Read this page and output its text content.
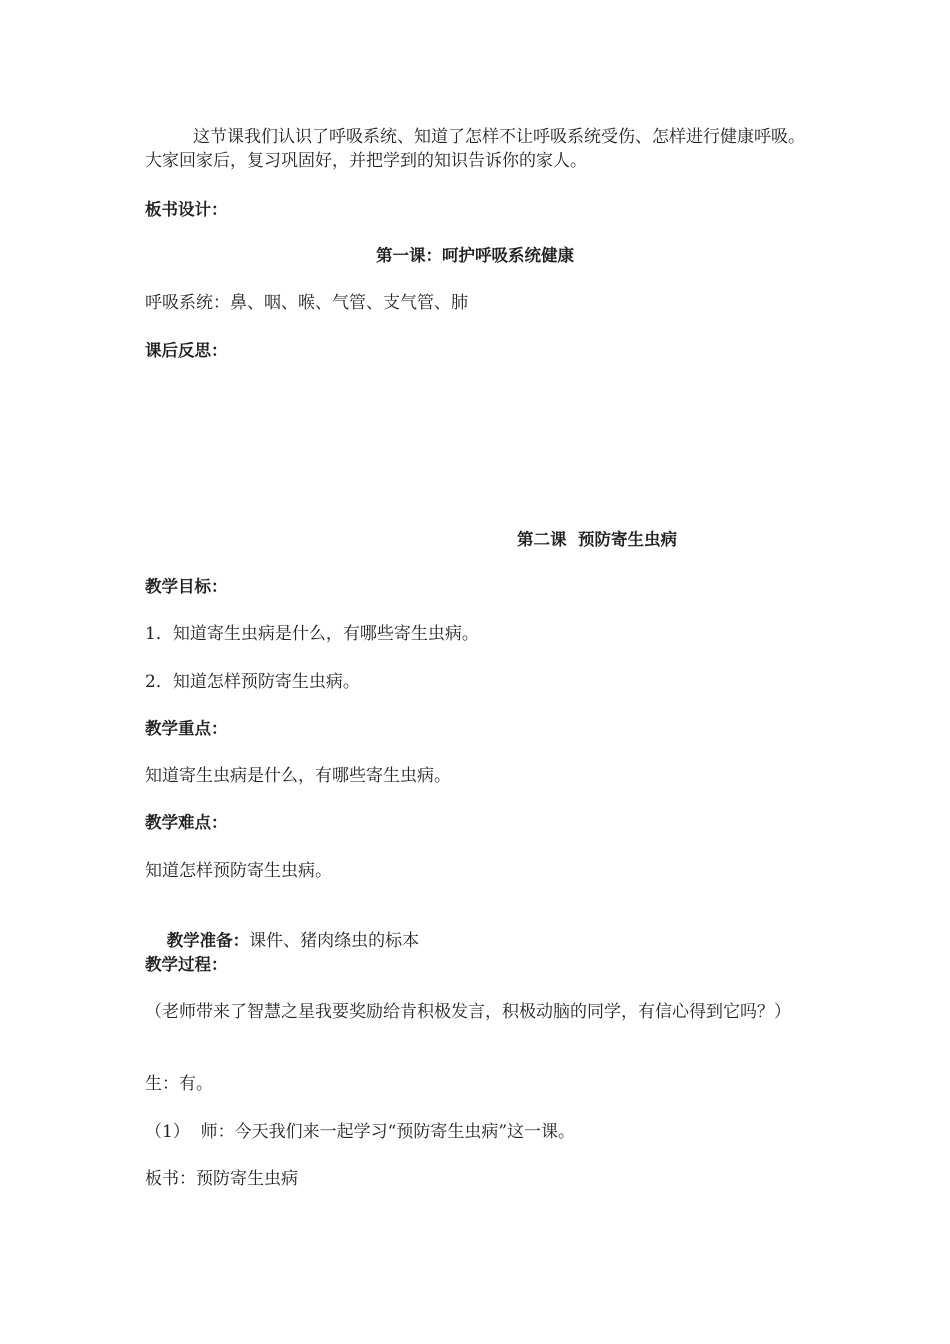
这节课我们认识了呼吸系统、知道了怎样不让呼吸系统受伤、怎样进行健康呼吸。大家回家后，复习巩固好，并把学到的知识告诉你的家人。
板书设计：
第一课：呵护呼吸系统健康
呼吸系统：鼻、咽、喉、气管、支气管、肺
课后反思：
第二课  预防寄生虫病
教学目标：
1．知道寄生虫病是什么，有哪些寄生虫病。
2．知道怎样预防寄生虫病。
教学重点：
知道寄生虫病是什么，有哪些寄生虫病。
教学难点：
知道怎样预防寄生虫病。

教学准备：课件、猪肉绦虫的标本

教学过程：
（老师带来了智慧之星我要奖励给肯积极发言，积极动脑的同学，有信心得到它吗？）
生：有。
（1）  师：今天我们来一起学习“预防寄生虫病”这一课。
板书：预防寄生虫病
